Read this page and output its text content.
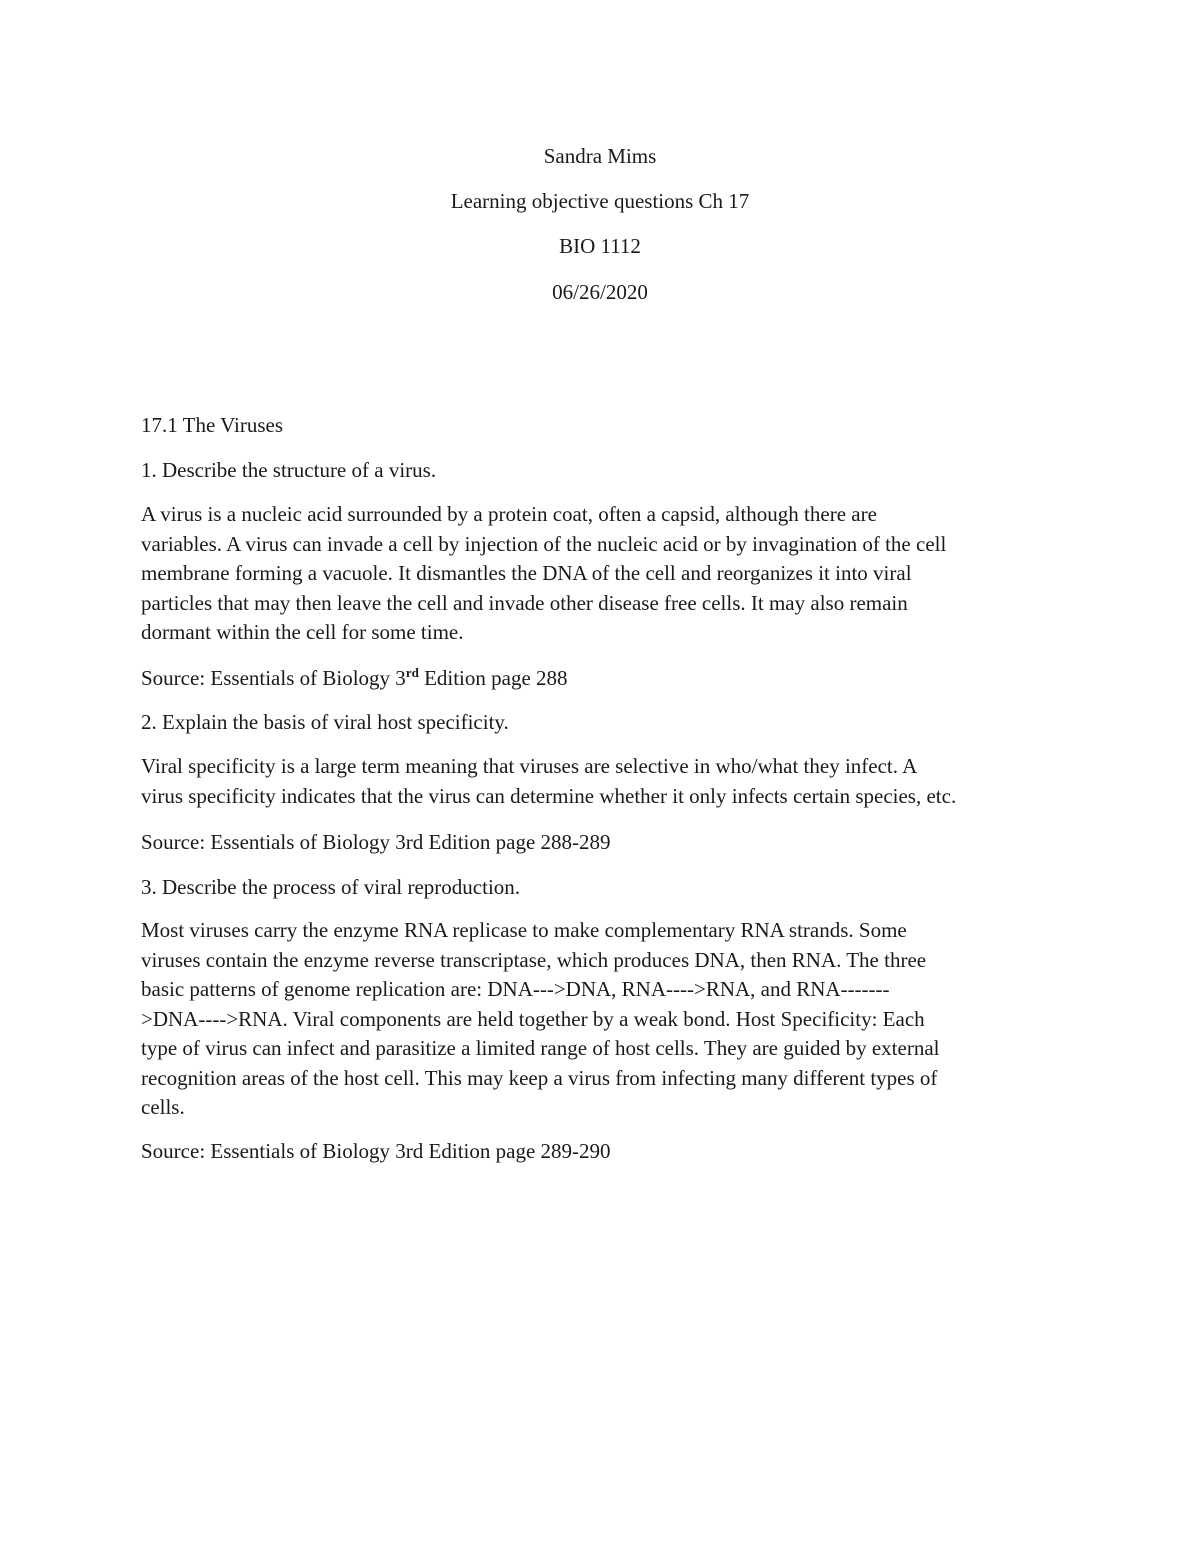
Sandra Mims
Learning objective questions Ch 17
BIO 1112
06/26/2020
17.1 The Viruses
1. Describe the structure of a virus.
A virus is a nucleic acid surrounded by a protein coat, often a capsid, although there are
variables. A virus can invade a cell by injection of the nucleic acid or by invagination of the cell
membrane forming a vacuole. It dismantles the DNA of the cell and reorganizes it into viral
particles that may then leave the cell and invade other disease free cells. It may also remain
dormant within the cell for some time.
Source: Essentials of Biology 3rd Edition page 288
2. Explain the basis of viral host specificity.
Viral specificity is a large term meaning that viruses are selective in who/what they infect. A
virus specificity indicates that the virus can determine whether it only infects certain species, etc.
Source: Essentials of Biology 3rd Edition page 288-289
3. Describe the process of viral reproduction.
Most viruses carry the enzyme RNA replicase to make complementary RNA strands. Some
viruses contain the enzyme reverse transcriptase, which produces DNA, then RNA. The three
basic patterns of genome replication are: DNA--->DNA, RNA---->RNA, and RNA-------
>DNA---->RNA. Viral components are held together by a weak bond. Host Specificity: Each
type of virus can infect and parasitize a limited range of host cells. They are guided by external
recognition areas of the host cell. This may keep a virus from infecting many different types of
cells.
Source: Essentials of Biology 3rd Edition page 289-290
